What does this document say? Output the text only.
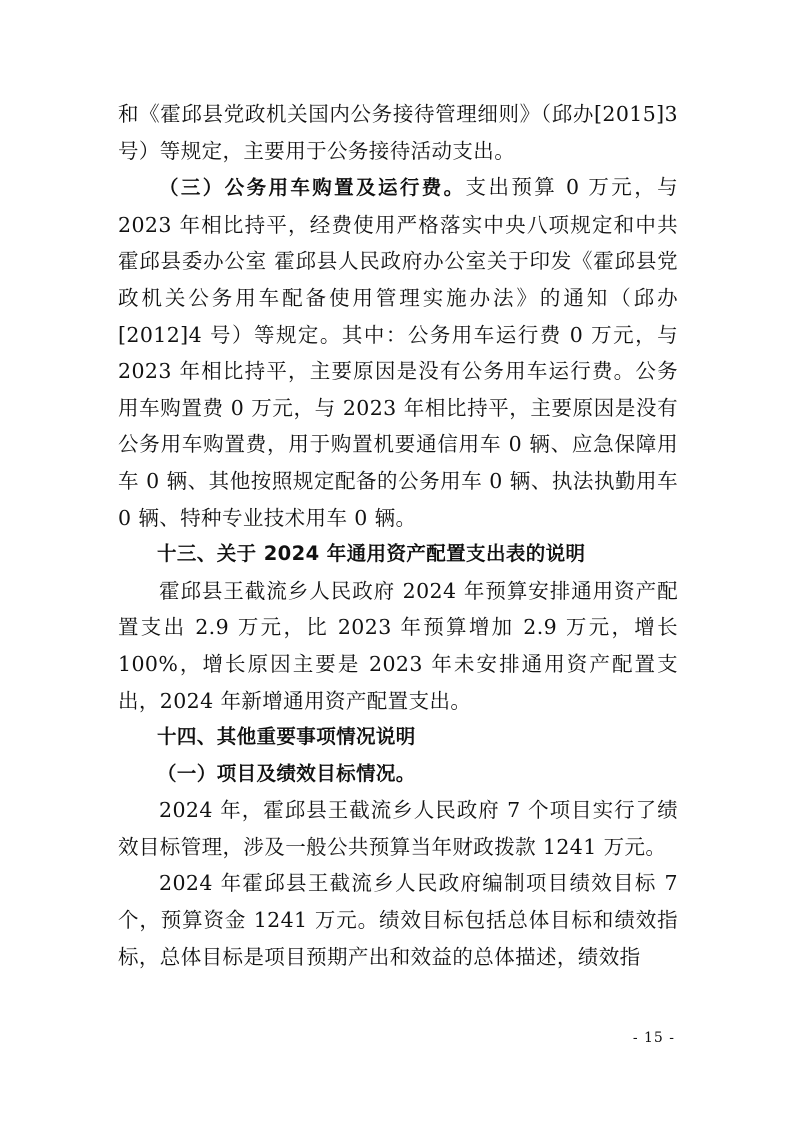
和《霍邱县党政机关国内公务接待管理细则》（邱办[2015]3号）等规定，主要用于公务接待活动支出。

（三）公务用车购置及运行费。支出预算 0 万元，与 2023 年相比持平，经费使用严格落实中央八项规定和中共霍邱县委办公室 霍邱县人民政府办公室关于印发《霍邱县党政机关公务用车配备使用管理实施办法》的通知（邱办[2012]4 号）等规定。其中：公务用车运行费 0 万元，与 2023 年相比持平，主要原因是没有公务用车运行费。公务用车购置费 0 万元，与 2023 年相比持平，主要原因是没有公务用车购置费，用于购置机要通信用车 0 辆、应急保障用车 0 辆、其他按照规定配备的公务用车 0 辆、执法执勤用车 0 辆、特种专业技术用车 0 辆。

十三、关于 2024 年通用资产配置支出表的说明

霍邱县王截流乡人民政府 2024 年预算安排通用资产配置支出 2.9 万元，比 2023 年预算增加 2.9 万元，增长 100%，增长原因主要是 2023 年未安排通用资产配置支出，2024 年新增通用资产配置支出。

十四、其他重要事项情况说明

（一）项目及绩效目标情况。

2024 年，霍邱县王截流乡人民政府 7 个项目实行了绩效目标管理，涉及一般公共预算当年财政拨款 1241 万元。

2024 年霍邱县王截流乡人民政府编制项目绩效目标 7 个，预算资金 1241 万元。绩效目标包括总体目标和绩效指标，总体目标是项目预期产出和效益的总体描述，绩效指

- 15 -
